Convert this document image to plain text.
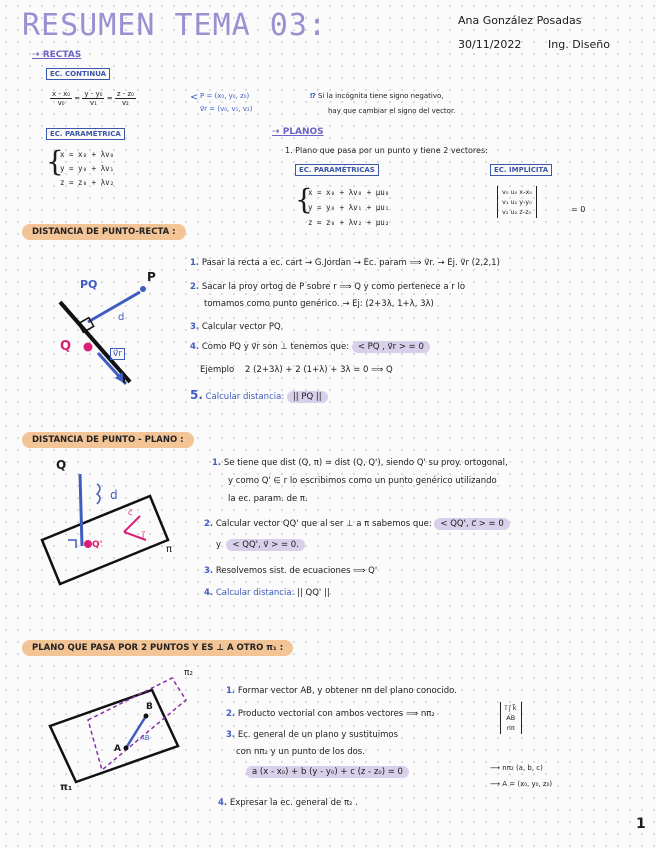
RESUMEN TEMA 03:	Ana González Posadas
30/11/2022 Ing. Diseño
⇢ RECTAS
EC. CONTINUA
$\frac{\text{x - x₀}}{\text{v₀}} = \frac{\text{y - y₀}}{\text{v₁}} = \frac{\text{z - z₀}}{\text{v₂}}$	< P = (x₀, y₀, z₀)
v⃗r = (v₀, v₁, v₂)
⁉ Si la incógnita tiene signo negativo,
hay que cambiar el signo del vector.
EC. PARAMÉTRICA
{
x = x₀ + λv₀
y = y₀ + λv₁
z = z₀ + λv₂
⇢ PLANOS
1. Plano que pasa por un punto y tiene 2 vectores:
EC. PARAMÉTRICAS	EC. IMPLÍCITA
{
x = x₀ + λv₀ + μu₀
y = y₀ + λv₁ + μu₁
z = z₀ + λv₂ + μu₂
v₀ u₀ x-x₀
v₁ u₁ y-y₀
v₂ u₂ z-z₀	= 0
DISTANCIA DE PUNTO-RECTA :
PQ
P
d
Q	v⃗r
r
1. Pasar la recta a ec. cart → G.Jordan → Ec. param ⟹ v⃗r. → Ej. v⃗r (2,2,1)
2. Sacar la proy ortog de P sobre r ⟹ Q y como pertenece a r lo
tomamos como punto genérico. → Ej: (2+3λ, 1+λ, 3λ)
3. Calcular vector PQ.
4. Como PQ y v⃗r son ⊥ tenemos que: < PQ , v⃗r > = 0
Ejemplo 2 (2+3λ) + 2 (1+λ) + 3λ = 0 ⟹ Q
5. Calcular distancia: || PQ ||
DISTANCIA DE PUNTO - PLANO :
Q
d
Q'
c⃗
j⃗
π
1. Se tiene que dist (Q, π) = dist (Q, Q'), siendo Q' su proy. ortogonal,
y como Q' ∈ r lo escribimos como un punto genérico utilizando
la ec. param. de π.
2. Calcular vector QQ' que al ser ⊥ a π sabemos que: < QQ', c⃗ > = 0
y < QQ', v⃗ > = 0.
3. Resolvemos sist. de ecuaciones ⟹ Q'
4. Calcular distancia: || QQ' ||
PLANO QUE PASA POR 2 PUNTOS Y ES ⊥ A OTRO π₁ :
π₂
π₁
A
B
AB
1. Formar vector AB, y obtener nπ del plano conocido.
2. Producto vectorial con ambos vectores ⟹ nπ₂
i⃗ j⃗ k⃗
AB
nπ
3. Ec. general de un plano y sustituimos
con nπ₂ y un punto de los dos.
a (x - x₀) + b (y - y₀) + c (z - z₀) = 0	⟶ nπ₂ (a, b, c)
⟶ A = (x₀, y₀, z₀)
4. Expresar la ec. general de π₂ .
1
